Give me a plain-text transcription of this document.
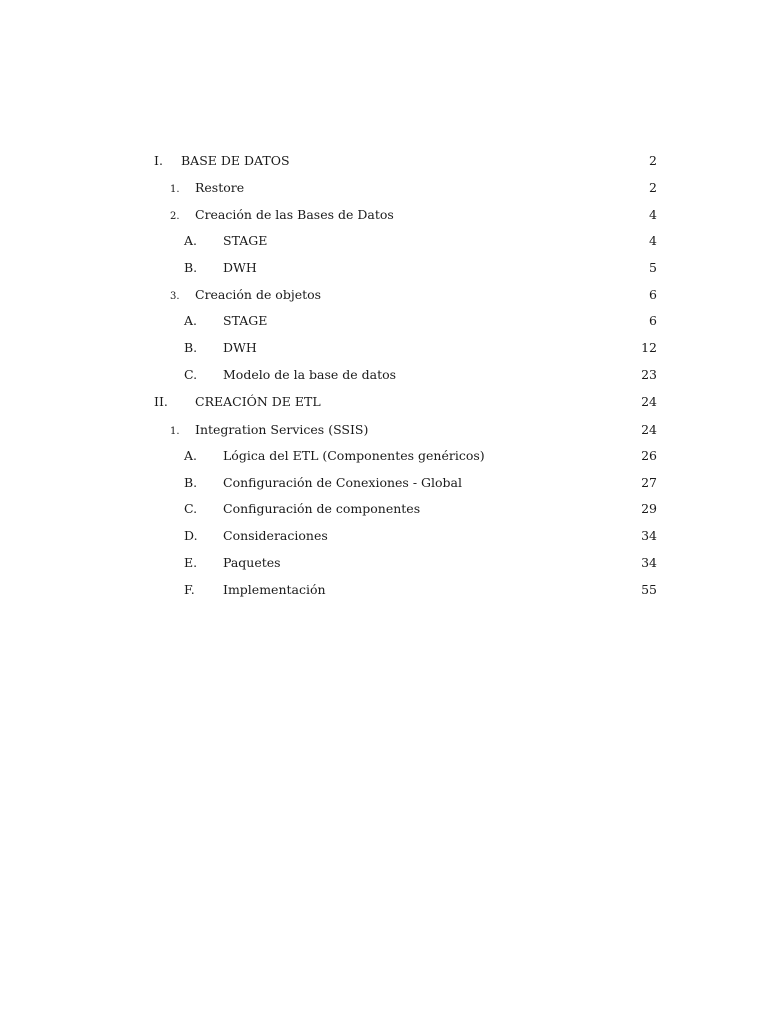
I.	BASE DE DATOS	2
1.	Restore	2
2.	Creación de las Bases de Datos	4
A.	STAGE	4
B.	DWH	5
3.	Creación de objetos	6
A.	STAGE	6
B.	DWH	12
C.	Modelo de la base de datos	23
II.	CREACIÓN DE ETL	24
1.	Integration Services (SSIS)	24
A.	Lógica del ETL (Componentes genéricos)	26
B.	Configuración de Conexiones - Global	27
C.	Configuración de componentes	29
D.	Consideraciones	34
E.	Paquetes	34
F.	Implementación	55
